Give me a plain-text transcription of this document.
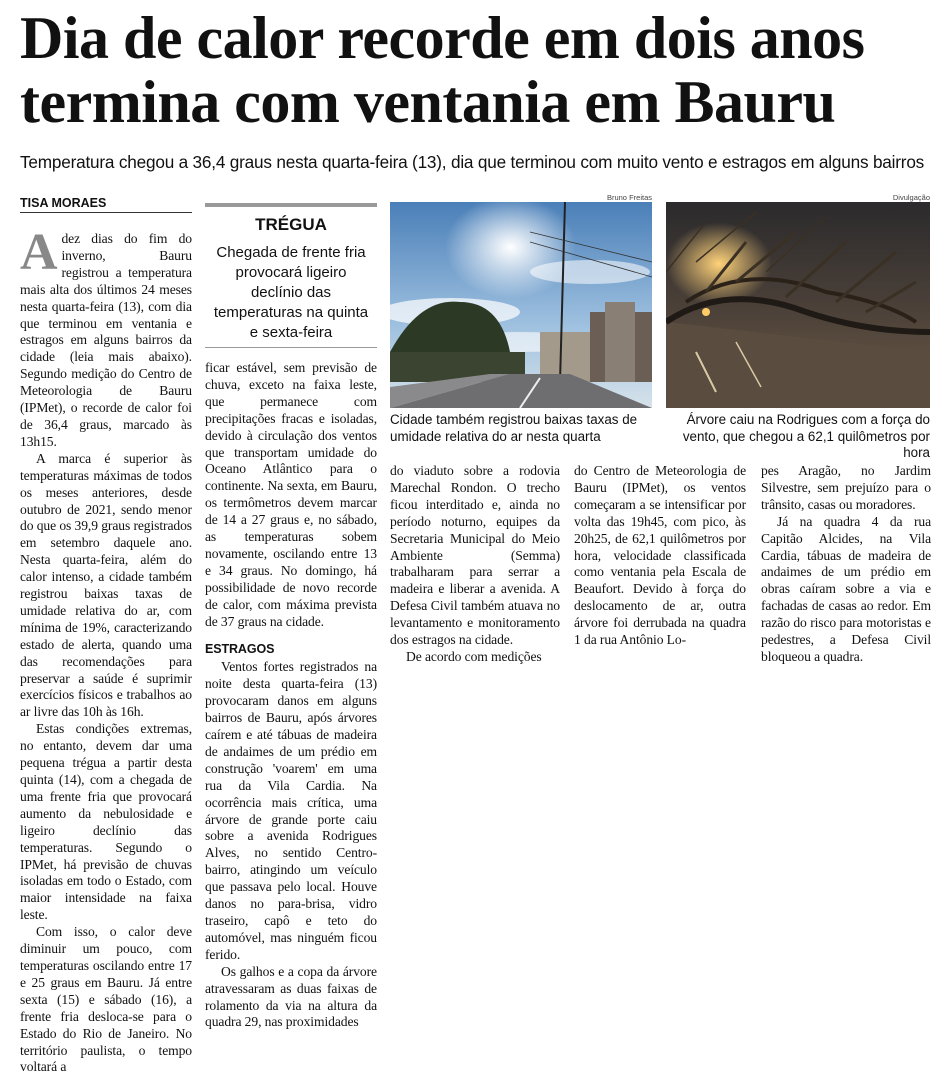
Dia de calor recorde em dois anos
termina com ventania em Bauru
Temperatura chegou a 36,4 graus nesta quarta-feira (13), dia que terminou com muito vento e estragos em alguns bairros
TISA MORAES
TRÉGUA
Chegada de frente fria provocará ligeiro declínio das temperaturas na quinta e sexta-feira
Bruno Freitas
Cidade também registrou baixas taxas de umidade relativa do ar nesta quarta
Divulgação
Árvore caiu na Rodrigues com a força do vento, que chegou a 62,1 quilômetros por hora
A dez dias do fim do inverno, Bauru registrou a temperatura mais alta dos últimos 24 meses nesta quarta-feira (13), com dia que terminou em ventania e estragos em alguns bairros da cidade (leia mais abaixo). Segundo medição do Centro de Meteorologia de Bauru (IPMet), o recorde de calor foi de 36,4 graus, marcado às 13h15.

A marca é superior às temperaturas máximas de todos os meses anteriores, desde outubro de 2021, sendo menor do que os 39,9 graus registrados em setembro daquele ano. Nesta quarta-feira, além do calor intenso, a cidade também registrou baixas taxas de umidade relativa do ar, com mínima de 19%, caracterizando estado de alerta, quando uma das recomendações para preservar a saúde é suprimir exercícios físicos e trabalhos ao ar livre das 10h às 16h.

Estas condições extremas, no entanto, devem dar uma pequena trégua a partir desta quinta (14), com a chegada de uma frente fria que provocará aumento da nebulosidade e ligeiro declínio das temperaturas. Segundo o IPMet, há previsão de chuvas isoladas em todo o Estado, com maior intensidade na faixa leste.

Com isso, o calor deve diminuir um pouco, com temperaturas oscilando entre 17 e 25 graus em Bauru. Já entre sexta (15) e sábado (16), a frente fria desloca-se para o Estado do Rio de Janeiro. No território paulista, o tempo voltará a

ficar estável, sem previsão de chuva, exceto na faixa leste, que permanece com precipitações fracas e isoladas, devido à circulação dos ventos que transportam umidade do Oceano Atlântico para o continente. Na sexta, em Bauru, os termômetros devem marcar de 14 a 27 graus e, no sábado, as temperaturas sobem novamente, oscilando entre 13 e 34 graus. No domingo, há possibilidade de novo recorde de calor, com máxima prevista de 37 graus na cidade.

ESTRAGOS

Ventos fortes registrados na noite desta quarta-feira (13) provocaram danos em alguns bairros de Bauru, após árvores caírem e até tábuas de madeira de andaimes de um prédio em construção 'voarem' em uma rua da Vila Cardia. Na ocorrência mais crítica, uma árvore de grande porte caiu sobre a avenida Rodrigues Alves, no sentido Centro-bairro, atingindo um veículo que passava pelo local. Houve danos no para-brisa, vidro traseiro, capô e teto do automóvel, mas ninguém ficou ferido.

Os galhos e a copa da árvore atravessaram as duas faixas de rolamento da via na altura da quadra 29, nas proximidades

do viaduto sobre a rodovia Marechal Rondon. O trecho ficou interditado e, ainda no período noturno, equipes da Secretaria Municipal do Meio Ambiente (Semma) trabalharam para serrar a madeira e liberar a avenida. A Defesa Civil também atuava no levantamento e monitoramento dos estragos na cidade.

De acordo com medições

do Centro de Meteorologia de Bauru (IPMet), os ventos começaram a se intensificar por volta das 19h45, com pico, às 20h25, de 62,1 quilômetros por hora, velocidade classificada como ventania pela Escala de Beaufort. Devido à força do deslocamento de ar, outra árvore foi derrubada na quadra 1 da rua Antônio Lo-

pes Aragão, no Jardim Silvestre, sem prejuízo para o trânsito, casas ou moradores.

Já na quadra 4 da rua Capitão Alcides, na Vila Cardia, tábuas de madeira de andaimes de um prédio em obras caíram sobre a via e fachadas de casas ao redor. Em razão do risco para motoristas e pedestres, a Defesa Civil bloqueou a quadra.
